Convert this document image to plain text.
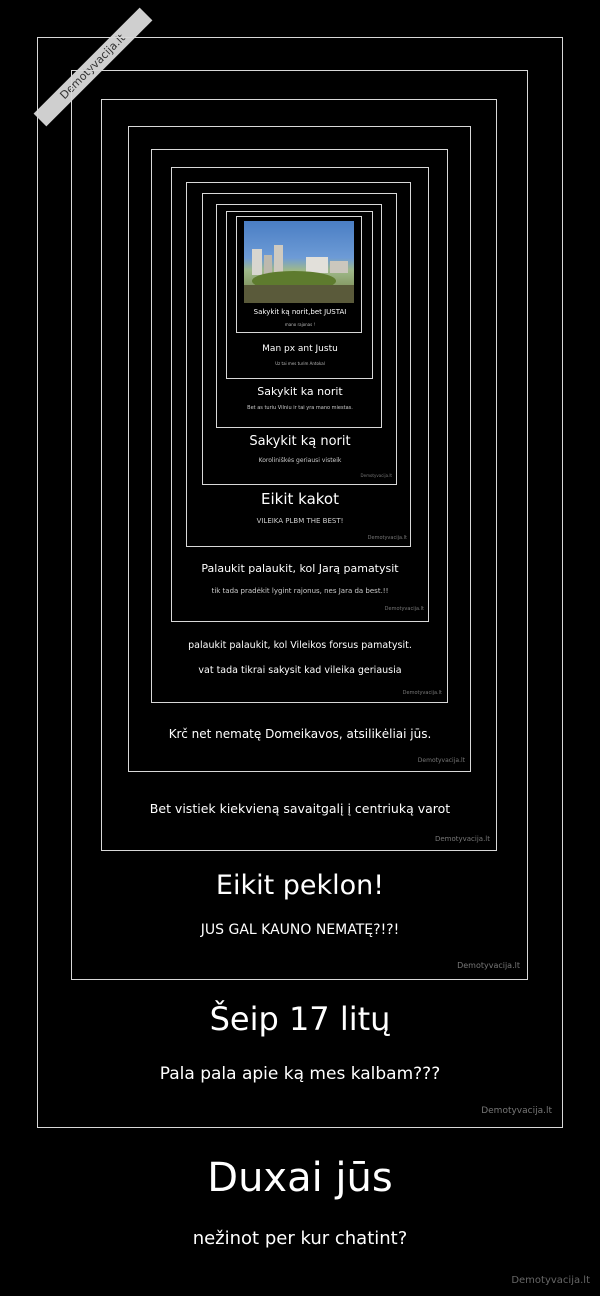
Demotyvacija.lt
Sakykit ką norit,bet JUSTAI
mano rajonas !
Man px ant Justu
Uz tai mes turim Antokal
Sakykit ka norit
Bet as turiu Vilniu ir tai yra mano miestas.
Sakykit ką norit
Koroliniškės geriausi visteik
Demotyvacija.lt
Eikit kakot
VILEIKA PLBM THE BEST!
Demotyvacija.lt
Palaukit palaukit, kol Jarą pamatysit
tik tada pradėkit lygint rajonus, nes Jara da best.!!
Demotyvacija.lt
palaukit palaukit, kol Vileikos forsus pamatysit.
vat tada tikrai sakysit kad vileika geriausia
Demotyvacija.lt
Krč net nematę Domeikavos, atsilikėliai jūs.
Demotyvacija.lt
Bet vistiek kiekvieną savaitgalį į centriuką varot
Demotyvacija.lt
Eikit peklon!
JUS GAL KAUNO NEMATĘ?!?!
Demotyvacija.lt
Šeip 17 litų
Pala pala apie ką mes kalbam???
Demotyvacija.lt
Duxai jūs
nežinot per kur chatint?
Demotyvacija.lt
